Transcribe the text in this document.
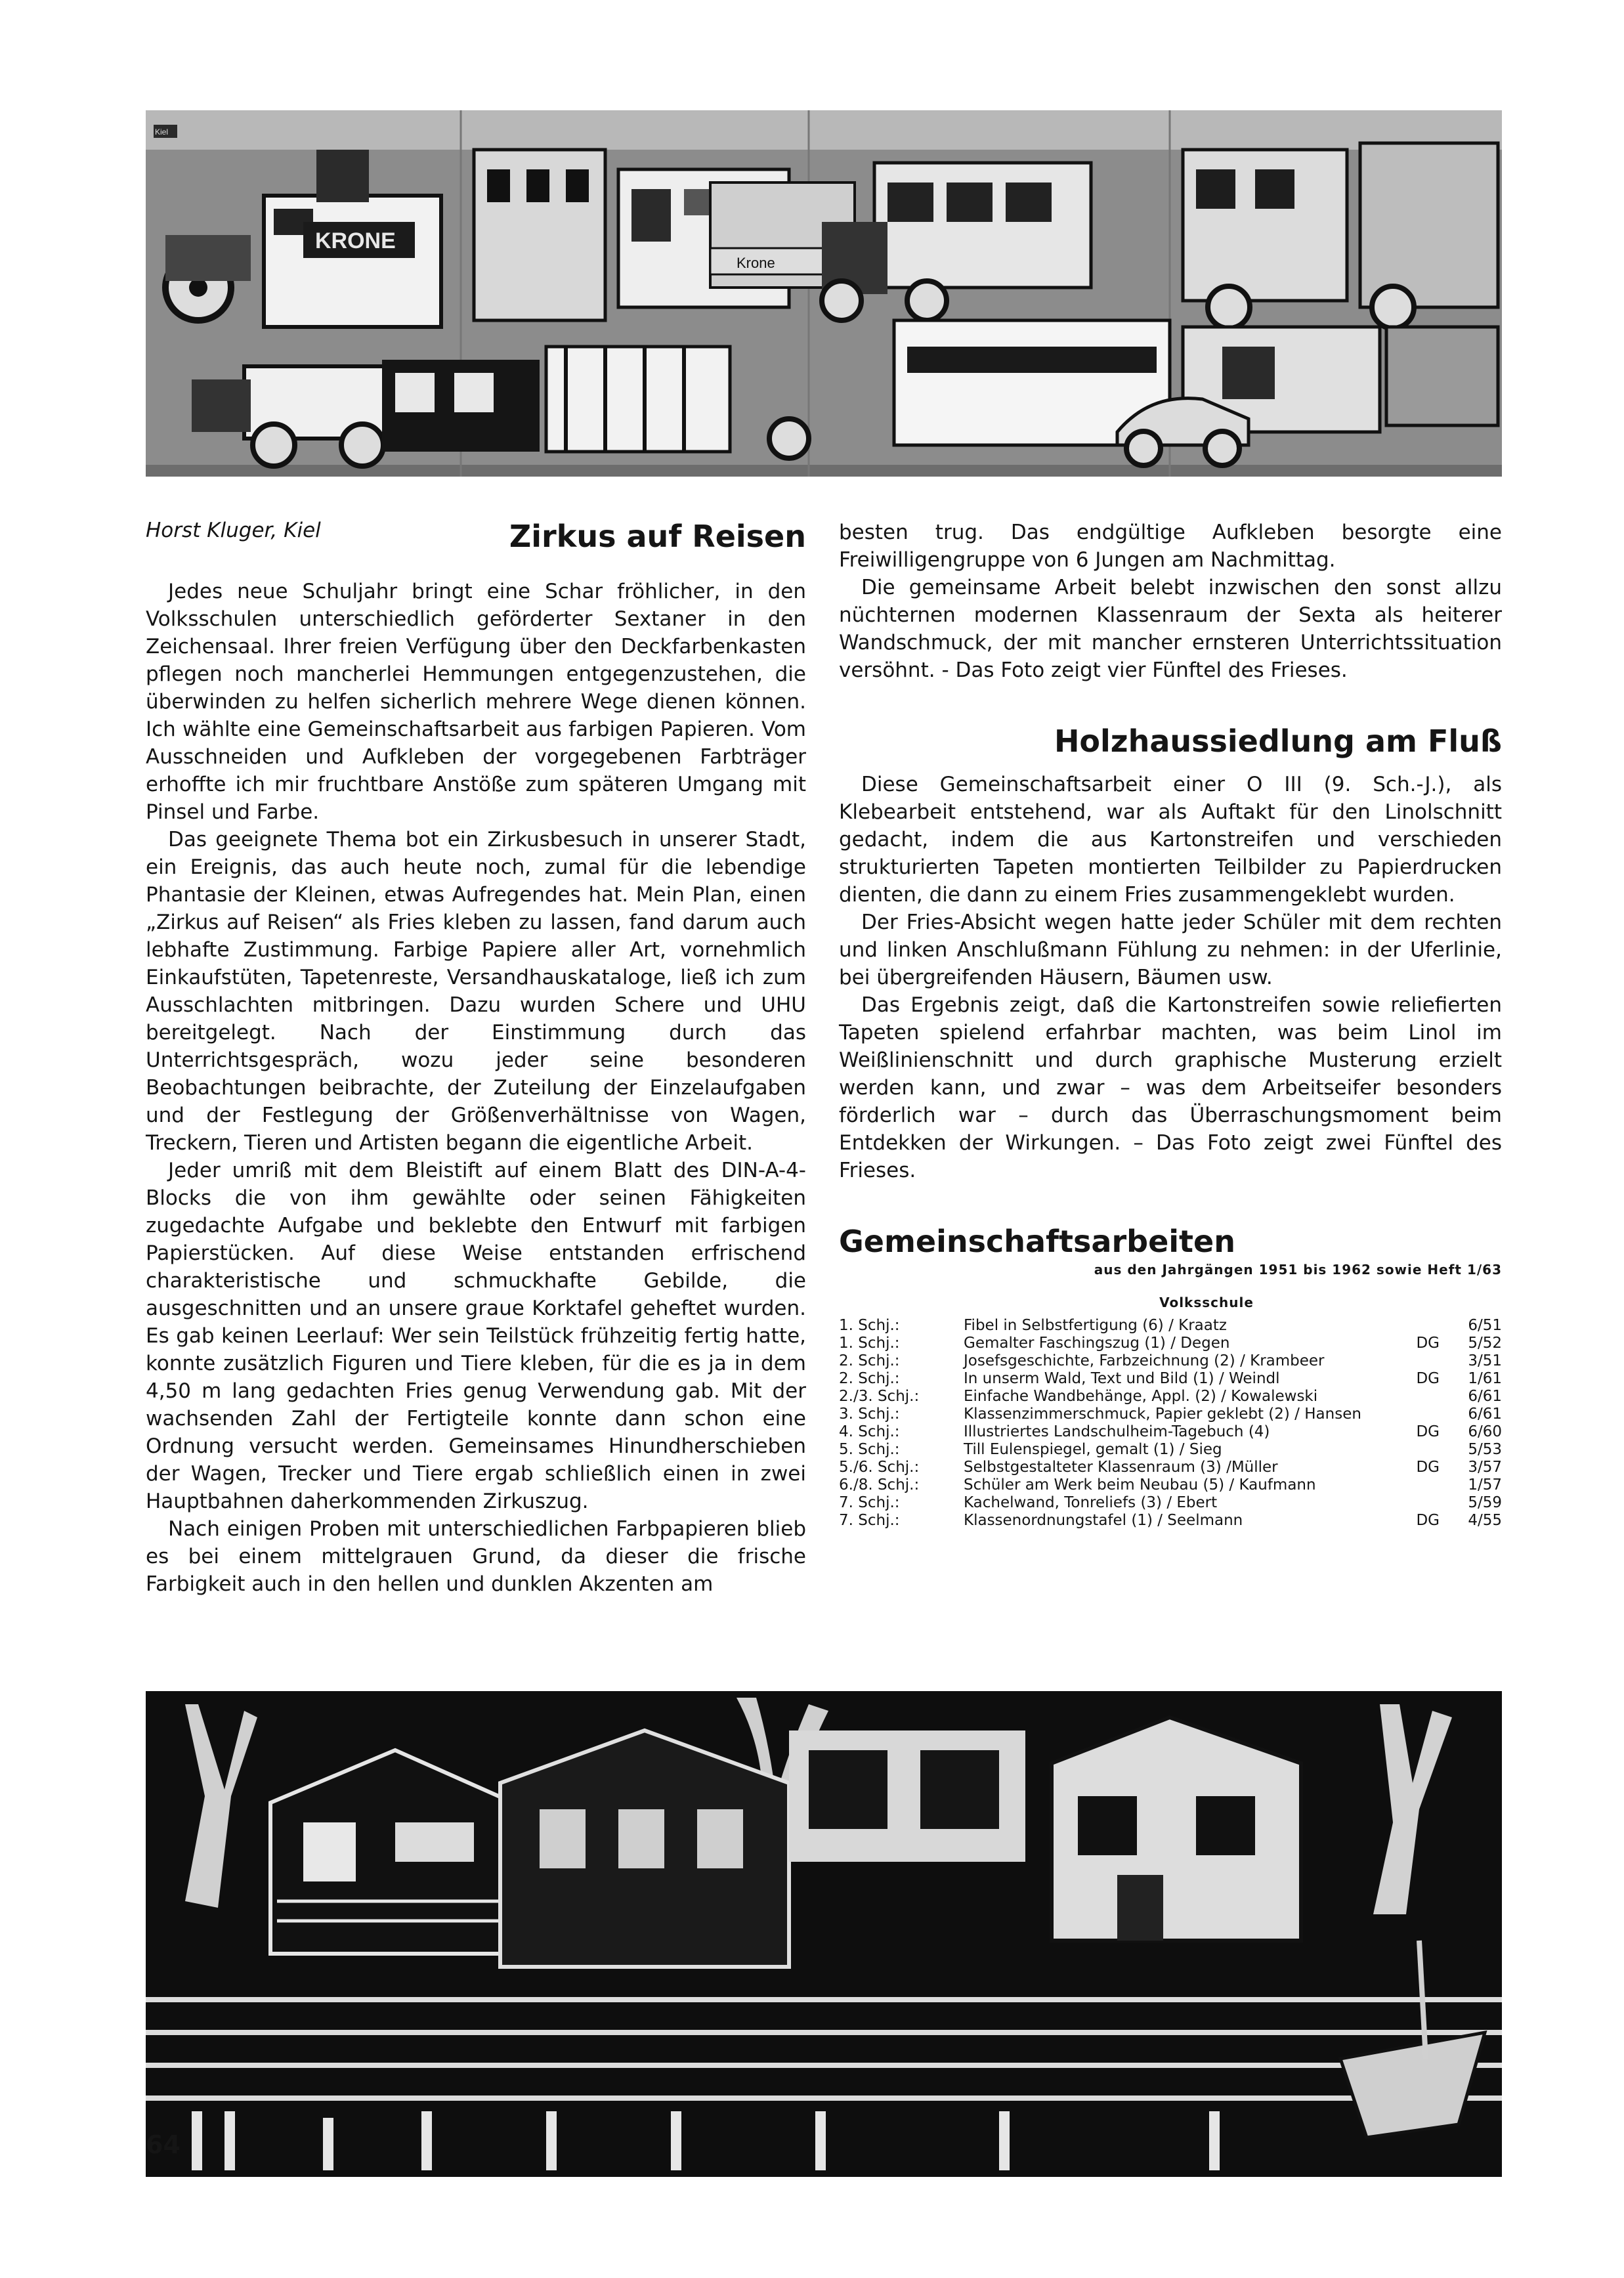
Kiel
KRONE
Krone
Horst Kluger, Kiel	Zirkus auf Reisen

Jedes neue Schuljahr bringt eine Schar fröhlicher, in den Volksschulen unterschiedlich geförderter Sextaner in den Zeichensaal. Ihrer freien Verfügung über den Deckfarbenkasten pflegen noch mancherlei Hemmungen entgegenzustehen, die überwinden zu helfen sicherlich mehrere Wege dienen können. Ich wählte eine Gemeinschaftsarbeit aus farbigen Papieren. Vom Ausschneiden und Aufkleben der vorgegebenen Farbträger erhoffte ich mir fruchtbare Anstöße zum späteren Umgang mit Pinsel und Farbe.

Das geeignete Thema bot ein Zirkusbesuch in unserer Stadt, ein Ereignis, das auch heute noch, zumal für die lebendige Phantasie der Kleinen, etwas Aufregendes hat. Mein Plan, einen „Zirkus auf Reisen“ als Fries kleben zu lassen, fand darum auch lebhafte Zustimmung. Farbige Papiere aller Art, vornehmlich Einkaufstüten, Tapetenreste, Versandhauskataloge, ließ ich zum Ausschlachten mitbringen. Dazu wurden Schere und UHU bereitgelegt. Nach der Einstimmung durch das Unterrichtsgespräch, wozu jeder seine besonderen Beobachtungen beibrachte, der Zuteilung der Einzelaufgaben und der Festlegung der Größenverhältnisse von Wagen, Treckern, Tieren und Artisten begann die eigentliche Arbeit.

Jeder umriß mit dem Bleistift auf einem Blatt des DIN-A-4-Blocks die von ihm gewählte oder seinen Fähigkeiten zugedachte Aufgabe und beklebte den Entwurf mit farbigen Papierstücken. Auf diese Weise entstanden erfrischend charakteristische und schmuckhafte Gebilde, die ausgeschnitten und an unsere graue Korktafel geheftet wurden. Es gab keinen Leerlauf: Wer sein Teilstück frühzeitig fertig hatte, konnte zusätzlich Figuren und Tiere kleben, für die es ja in dem 4,50 m lang gedachten Fries genug Verwendung gab. Mit der wachsenden Zahl der Fertigteile konnte dann schon eine Ordnung versucht werden. Gemeinsames Hinundherschieben der Wagen, Trecker und Tiere ergab schließlich einen in zwei Hauptbahnen daherkommenden Zirkuszug.

Nach einigen Proben mit unterschiedlichen Farbpapieren blieb es bei einem mittelgrauen Grund, da dieser die frische Farbigkeit auch in den hellen und dunklen Akzenten am

besten trug. Das endgültige Aufkleben besorgte eine Freiwilligengruppe von 6 Jungen am Nachmittag.

Die gemeinsame Arbeit belebt inzwischen den sonst allzu nüchternen modernen Klassenraum der Sexta als heiterer Wandschmuck, der mit mancher ernsteren Unterrichtssituation versöhnt. - Das Foto zeigt vier Fünftel des Frieses.

Holzhaussiedlung am Fluß

Diese Gemeinschaftsarbeit einer O III (9. Sch.-J.), als Klebearbeit entstehend, war als Auftakt für den Linolschnitt gedacht, indem die aus Kartonstreifen und verschieden strukturierten Tapeten montierten Teilbilder zu Papierdrucken dienten, die dann zu einem Fries zusammengeklebt wurden.

Der Fries-Absicht wegen hatte jeder Schüler mit dem rechten und linken Anschlußmann Fühlung zu nehmen: in der Uferlinie, bei übergreifenden Häusern, Bäumen usw.

Das Ergebnis zeigt, daß die Kartonstreifen sowie reliefierten Tapeten spielend erfahrbar machten, was beim Linol im Weißlinienschnitt und durch graphische Musterung erzielt werden kann, und zwar – was dem Arbeitseifer besonders förderlich war – durch das Überraschungsmoment beim Entdekken der Wirkungen. – Das Foto zeigt zwei Fünftel des Frieses.

Gemeinschaftsarbeiten
aus den Jahrgängen 1951 bis 1962 sowie Heft 1/63
Volksschule
1. Schj.:	Fibel in Selbstfertigung (6) / Kraatz		6/51
1. Schj.:	Gemalter Faschingszug (1) / Degen	DG	5/52
2. Schj.:	Josefsgeschichte, Farbzeichnung (2) / Krambeer		3/51
2. Schj.:	In unserm Wald, Text und Bild (1) / Weindl	DG	1/61
2./3. Schj.:	Einfache Wandbehänge, Appl. (2) / Kowalewski		6/61
3. Schj.:	Klassenzimmerschmuck, Papier geklebt (2) / Hansen		6/61
4. Schj.:	Illustriertes Landschulheim-Tagebuch (4)	DG	6/60
5. Schj.:	Till Eulenspiegel, gemalt (1) / Sieg		5/53
5./6. Schj.:	Selbstgestalteter Klassenraum (3) /Müller	DG	3/57
6./8. Schj.:	Schüler am Werk beim Neubau (5) / Kaufmann		1/57
7. Schj.:	Kachelwand, Tonreliefs (3) / Ebert		5/59
7. Schj.:	Klassenordnungstafel (1) / Seelmann	DG	4/55
64
